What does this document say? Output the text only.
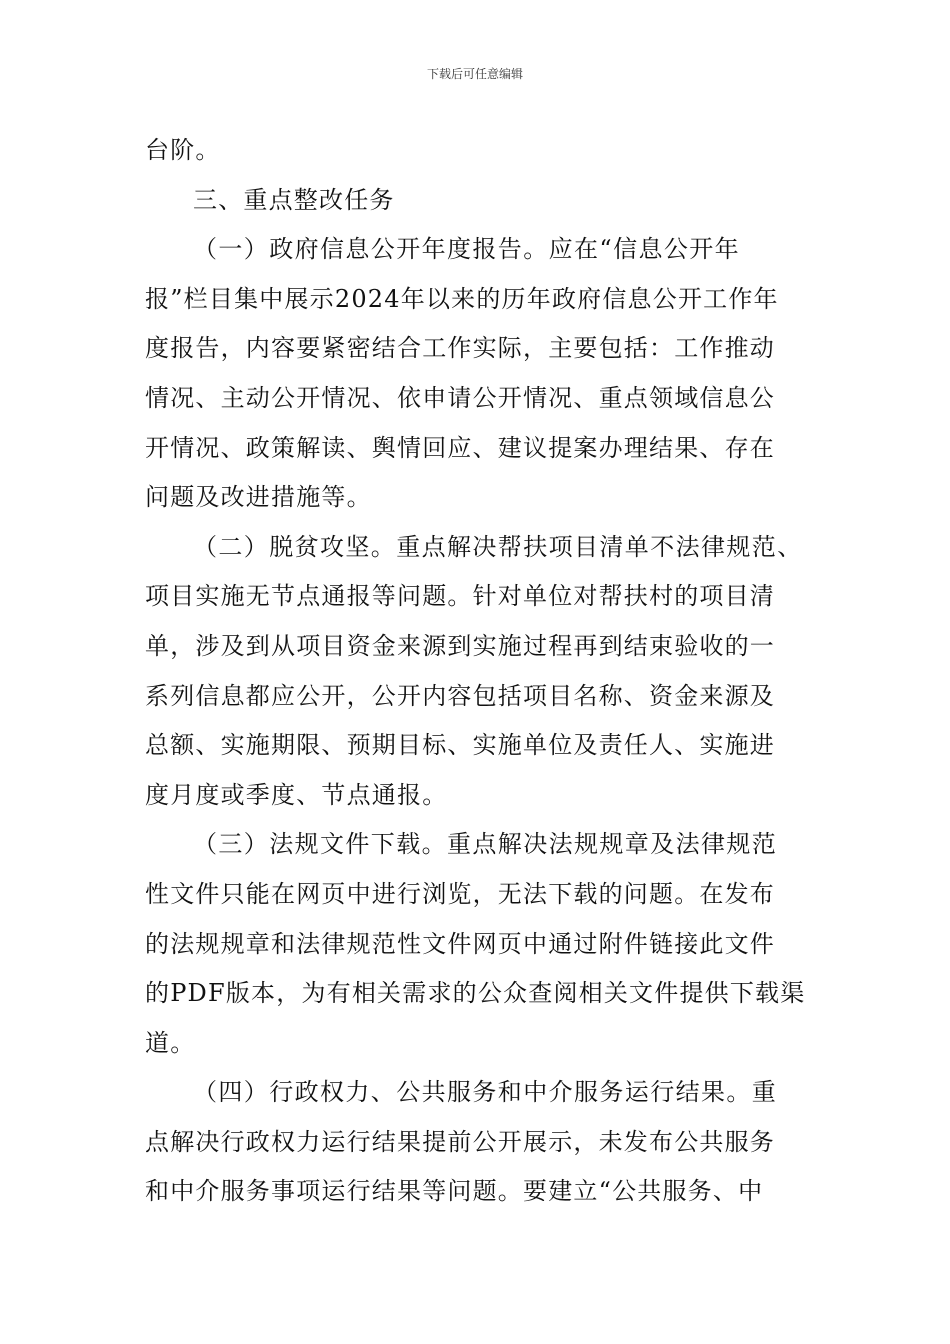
下载后可任意编辑
台阶。
三、重点整改任务
（一）政府信息公开年度报告。应在“信息公开年
报”栏目集中展示2024年以来的历年政府信息公开工作年
度报告，内容要紧密结合工作实际，主要包括：工作推动
情况、主动公开情况、依申请公开情况、重点领域信息公
开情况、政策解读、舆情回应、建议提案办理结果、存在
问题及改进措施等。
（二）脱贫攻坚。重点解决帮扶项目清单不法律规范、
项目实施无节点通报等问题。针对单位对帮扶村的项目清
单，涉及到从项目资金来源到实施过程再到结束验收的一
系列信息都应公开，公开内容包括项目名称、资金来源及
总额、实施期限、预期目标、实施单位及责任人、实施进
度月度或季度、节点通报。
（三）法规文件下载。重点解决法规规章及法律规范
性文件只能在网页中进行浏览，无法下载的问题。在发布
的法规规章和法律规范性文件网页中通过附件链接此文件
的PDF版本，为有相关需求的公众查阅相关文件提供下载渠
道。
（四）行政权力、公共服务和中介服务运行结果。重
点解决行政权力运行结果提前公开展示，未发布公共服务
和中介服务事项运行结果等问题。要建立“公共服务、中
